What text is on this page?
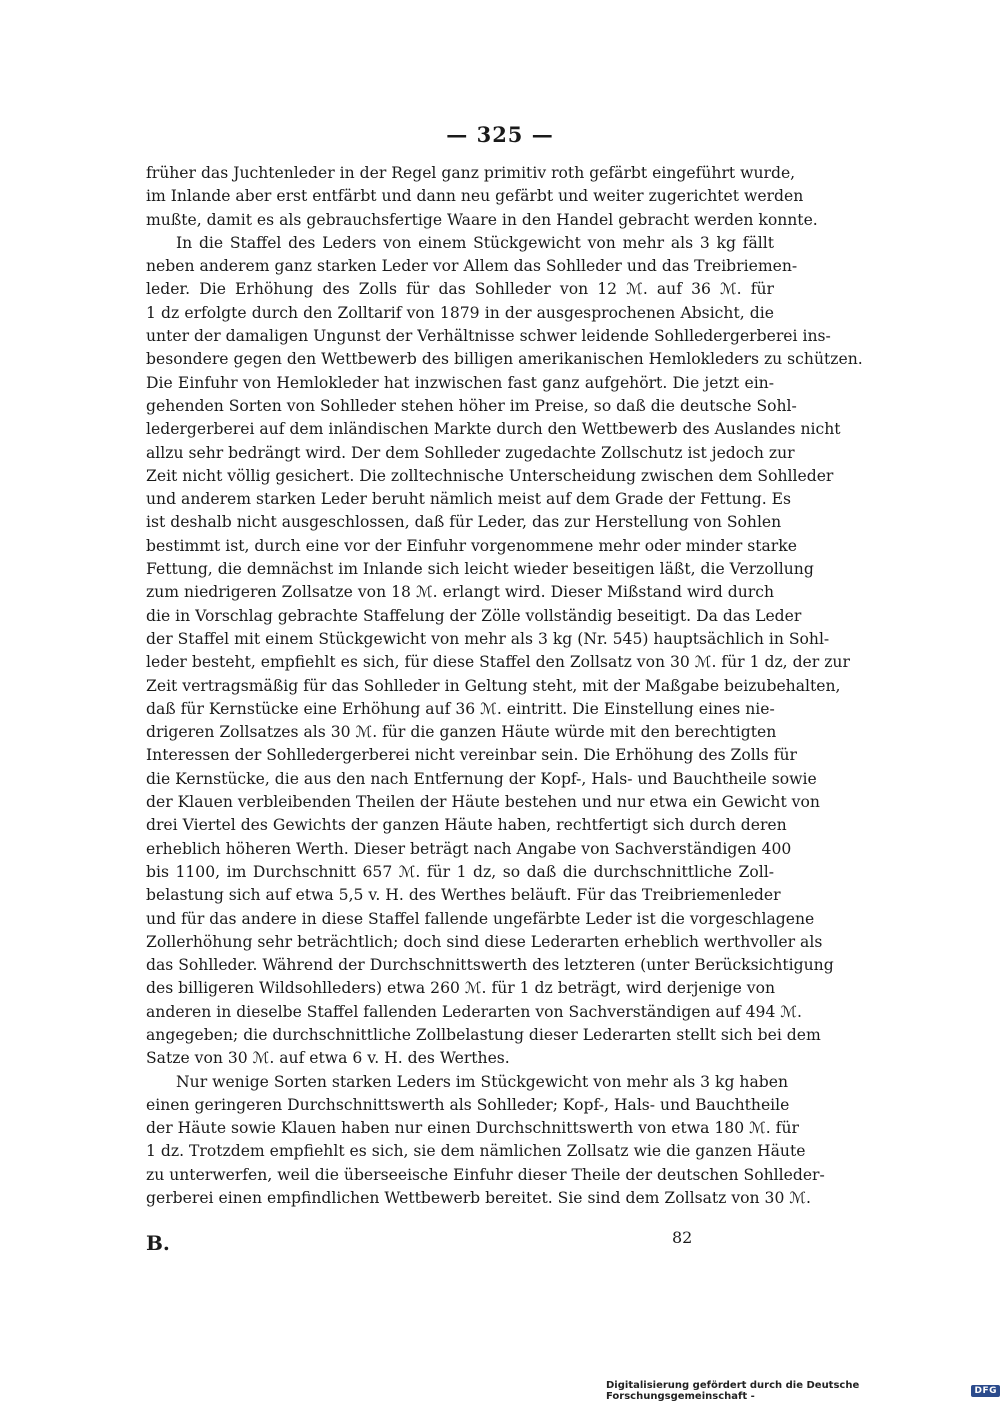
— 325 —
früher das Juchtenleder in der Regel ganz primitiv roth gefärbt eingeführt wurde,
im Inlande aber erst entfärbt und dann neu gefärbt und weiter zugerichtet werden
mußte, damit es als gebrauchsfertige Waare in den Handel gebracht werden konnte.
In die Staffel des Leders von einem Stückgewicht von mehr als 3 kg fällt
neben anderem ganz starken Leder vor Allem das Sohlleder und das Treibriemen-
leder. Die Erhöhung des Zolls für das Sohlleder von 12 ℳ. auf 36 ℳ. für
1 dz erfolgte durch den Zolltarif von 1879 in der ausgesprochenen Absicht, die
unter der damaligen Ungunst der Verhältnisse schwer leidende Sohlledergerberei ins-
besondere gegen den Wettbewerb des billigen amerikanischen Hemlokleders zu schützen.
Die Einfuhr von Hemlokleder hat inzwischen fast ganz aufgehört. Die jetzt ein-
gehenden Sorten von Sohlleder stehen höher im Preise, so daß die deutsche Sohl-
ledergerberei auf dem inländischen Markte durch den Wettbewerb des Auslandes nicht
allzu sehr bedrängt wird. Der dem Sohlleder zugedachte Zollschutz ist jedoch zur
Zeit nicht völlig gesichert. Die zolltechnische Unterscheidung zwischen dem Sohlleder
und anderem starken Leder beruht nämlich meist auf dem Grade der Fettung. Es
ist deshalb nicht ausgeschlossen, daß für Leder, das zur Herstellung von Sohlen
bestimmt ist, durch eine vor der Einfuhr vorgenommene mehr oder minder starke
Fettung, die demnächst im Inlande sich leicht wieder beseitigen läßt, die Verzollung
zum niedrigeren Zollsatze von 18 ℳ. erlangt wird. Dieser Mißstand wird durch
die in Vorschlag gebrachte Staffelung der Zölle vollständig beseitigt. Da das Leder
der Staffel mit einem Stückgewicht von mehr als 3 kg (Nr. 545) hauptsächlich in Sohl-
leder besteht, empfiehlt es sich, für diese Staffel den Zollsatz von 30 ℳ. für 1 dz, der zur
Zeit vertragsmäßig für das Sohlleder in Geltung steht, mit der Maßgabe beizubehalten,
daß für Kernstücke eine Erhöhung auf 36 ℳ. eintritt. Die Einstellung eines nie-
drigeren Zollsatzes als 30 ℳ. für die ganzen Häute würde mit den berechtigten
Interessen der Sohlledergerberei nicht vereinbar sein. Die Erhöhung des Zolls für
die Kernstücke, die aus den nach Entfernung der Kopf-, Hals- und Bauchtheile sowie
der Klauen verbleibenden Theilen der Häute bestehen und nur etwa ein Gewicht von
drei Viertel des Gewichts der ganzen Häute haben, rechtfertigt sich durch deren
erheblich höheren Werth. Dieser beträgt nach Angabe von Sachverständigen 400
bis 1100, im Durchschnitt 657 ℳ. für 1 dz, so daß die durchschnittliche Zoll-
belastung sich auf etwa 5,5 v. H. des Werthes beläuft. Für das Treibriemenleder
und für das andere in diese Staffel fallende ungefärbte Leder ist die vorgeschlagene
Zollerhöhung sehr beträchtlich; doch sind diese Lederarten erheblich werthvoller als
das Sohlleder. Während der Durchschnittswerth des letzteren (unter Berücksichtigung
des billigeren Wildsohlleders) etwa 260 ℳ. für 1 dz beträgt, wird derjenige von
anderen in dieselbe Staffel fallenden Lederarten von Sachverständigen auf 494 ℳ.
angegeben; die durchschnittliche Zollbelastung dieser Lederarten stellt sich bei dem
Satze von 30 ℳ. auf etwa 6 v. H. des Werthes.
Nur wenige Sorten starken Leders im Stückgewicht von mehr als 3 kg haben
einen geringeren Durchschnittswerth als Sohlleder; Kopf-, Hals- und Bauchtheile
der Häute sowie Klauen haben nur einen Durchschnittswerth von etwa 180 ℳ. für
1 dz. Trotzdem empfiehlt es sich, sie dem nämlichen Zollsatz wie die ganzen Häute
zu unterwerfen, weil die überseeische Einfuhr dieser Theile der deutschen Sohlleder-
gerberei einen empfindlichen Wettbewerb bereitet. Sie sind dem Zollsatz von 30 ℳ.
B.	82
Digitalisierung gefördert durch die Deutsche Forschungsgemeinschaft -	DFG
